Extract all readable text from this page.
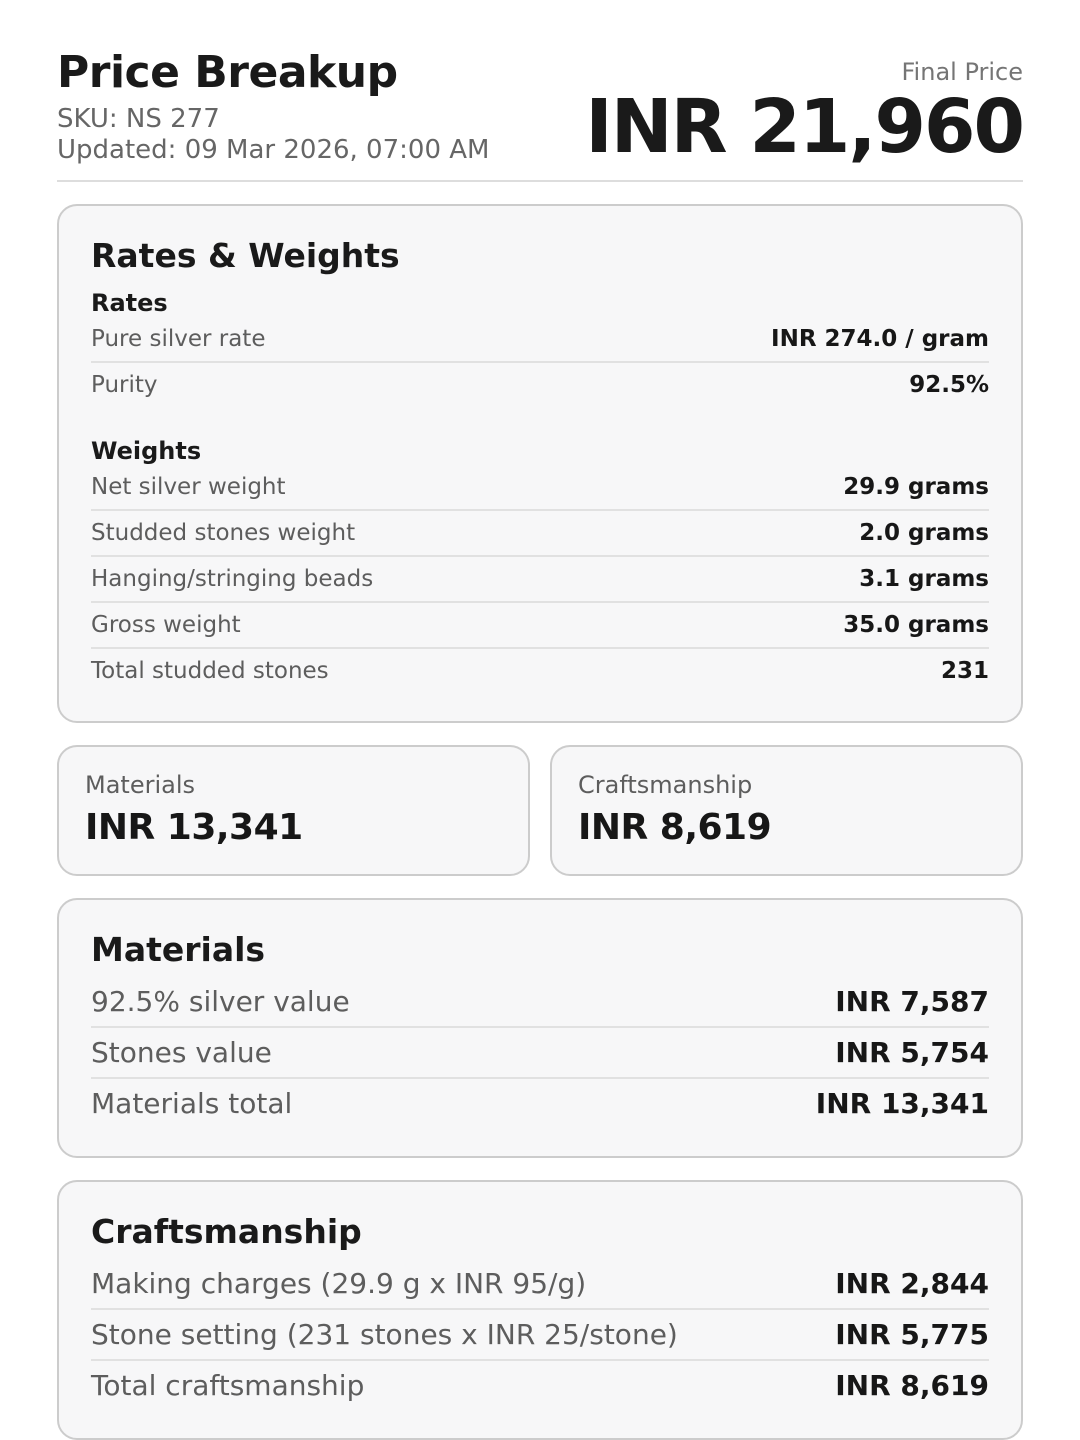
Price Breakup
SKU: NS 277
Updated: 09 Mar 2026, 07:00 AM
Final Price
INR 21,960
Rates & Weights
Rates
Pure silver rate	INR 274.0 / gram
Purity	92.5%
Weights
Net silver weight	29.9 grams
Studded stones weight	2.0 grams
Hanging/stringing beads	3.1 grams
Gross weight	35.0 grams
Total studded stones	231
Materials
INR 13,341
Craftsmanship
INR 8,619
Materials
92.5% silver value	INR 7,587
Stones value	INR 5,754
Materials total	INR 13,341
Craftsmanship
Making charges (29.9 g x INR 95/g)	INR 2,844
Stone setting (231 stones x INR 25/stone)	INR 5,775
Total craftsmanship	INR 8,619
